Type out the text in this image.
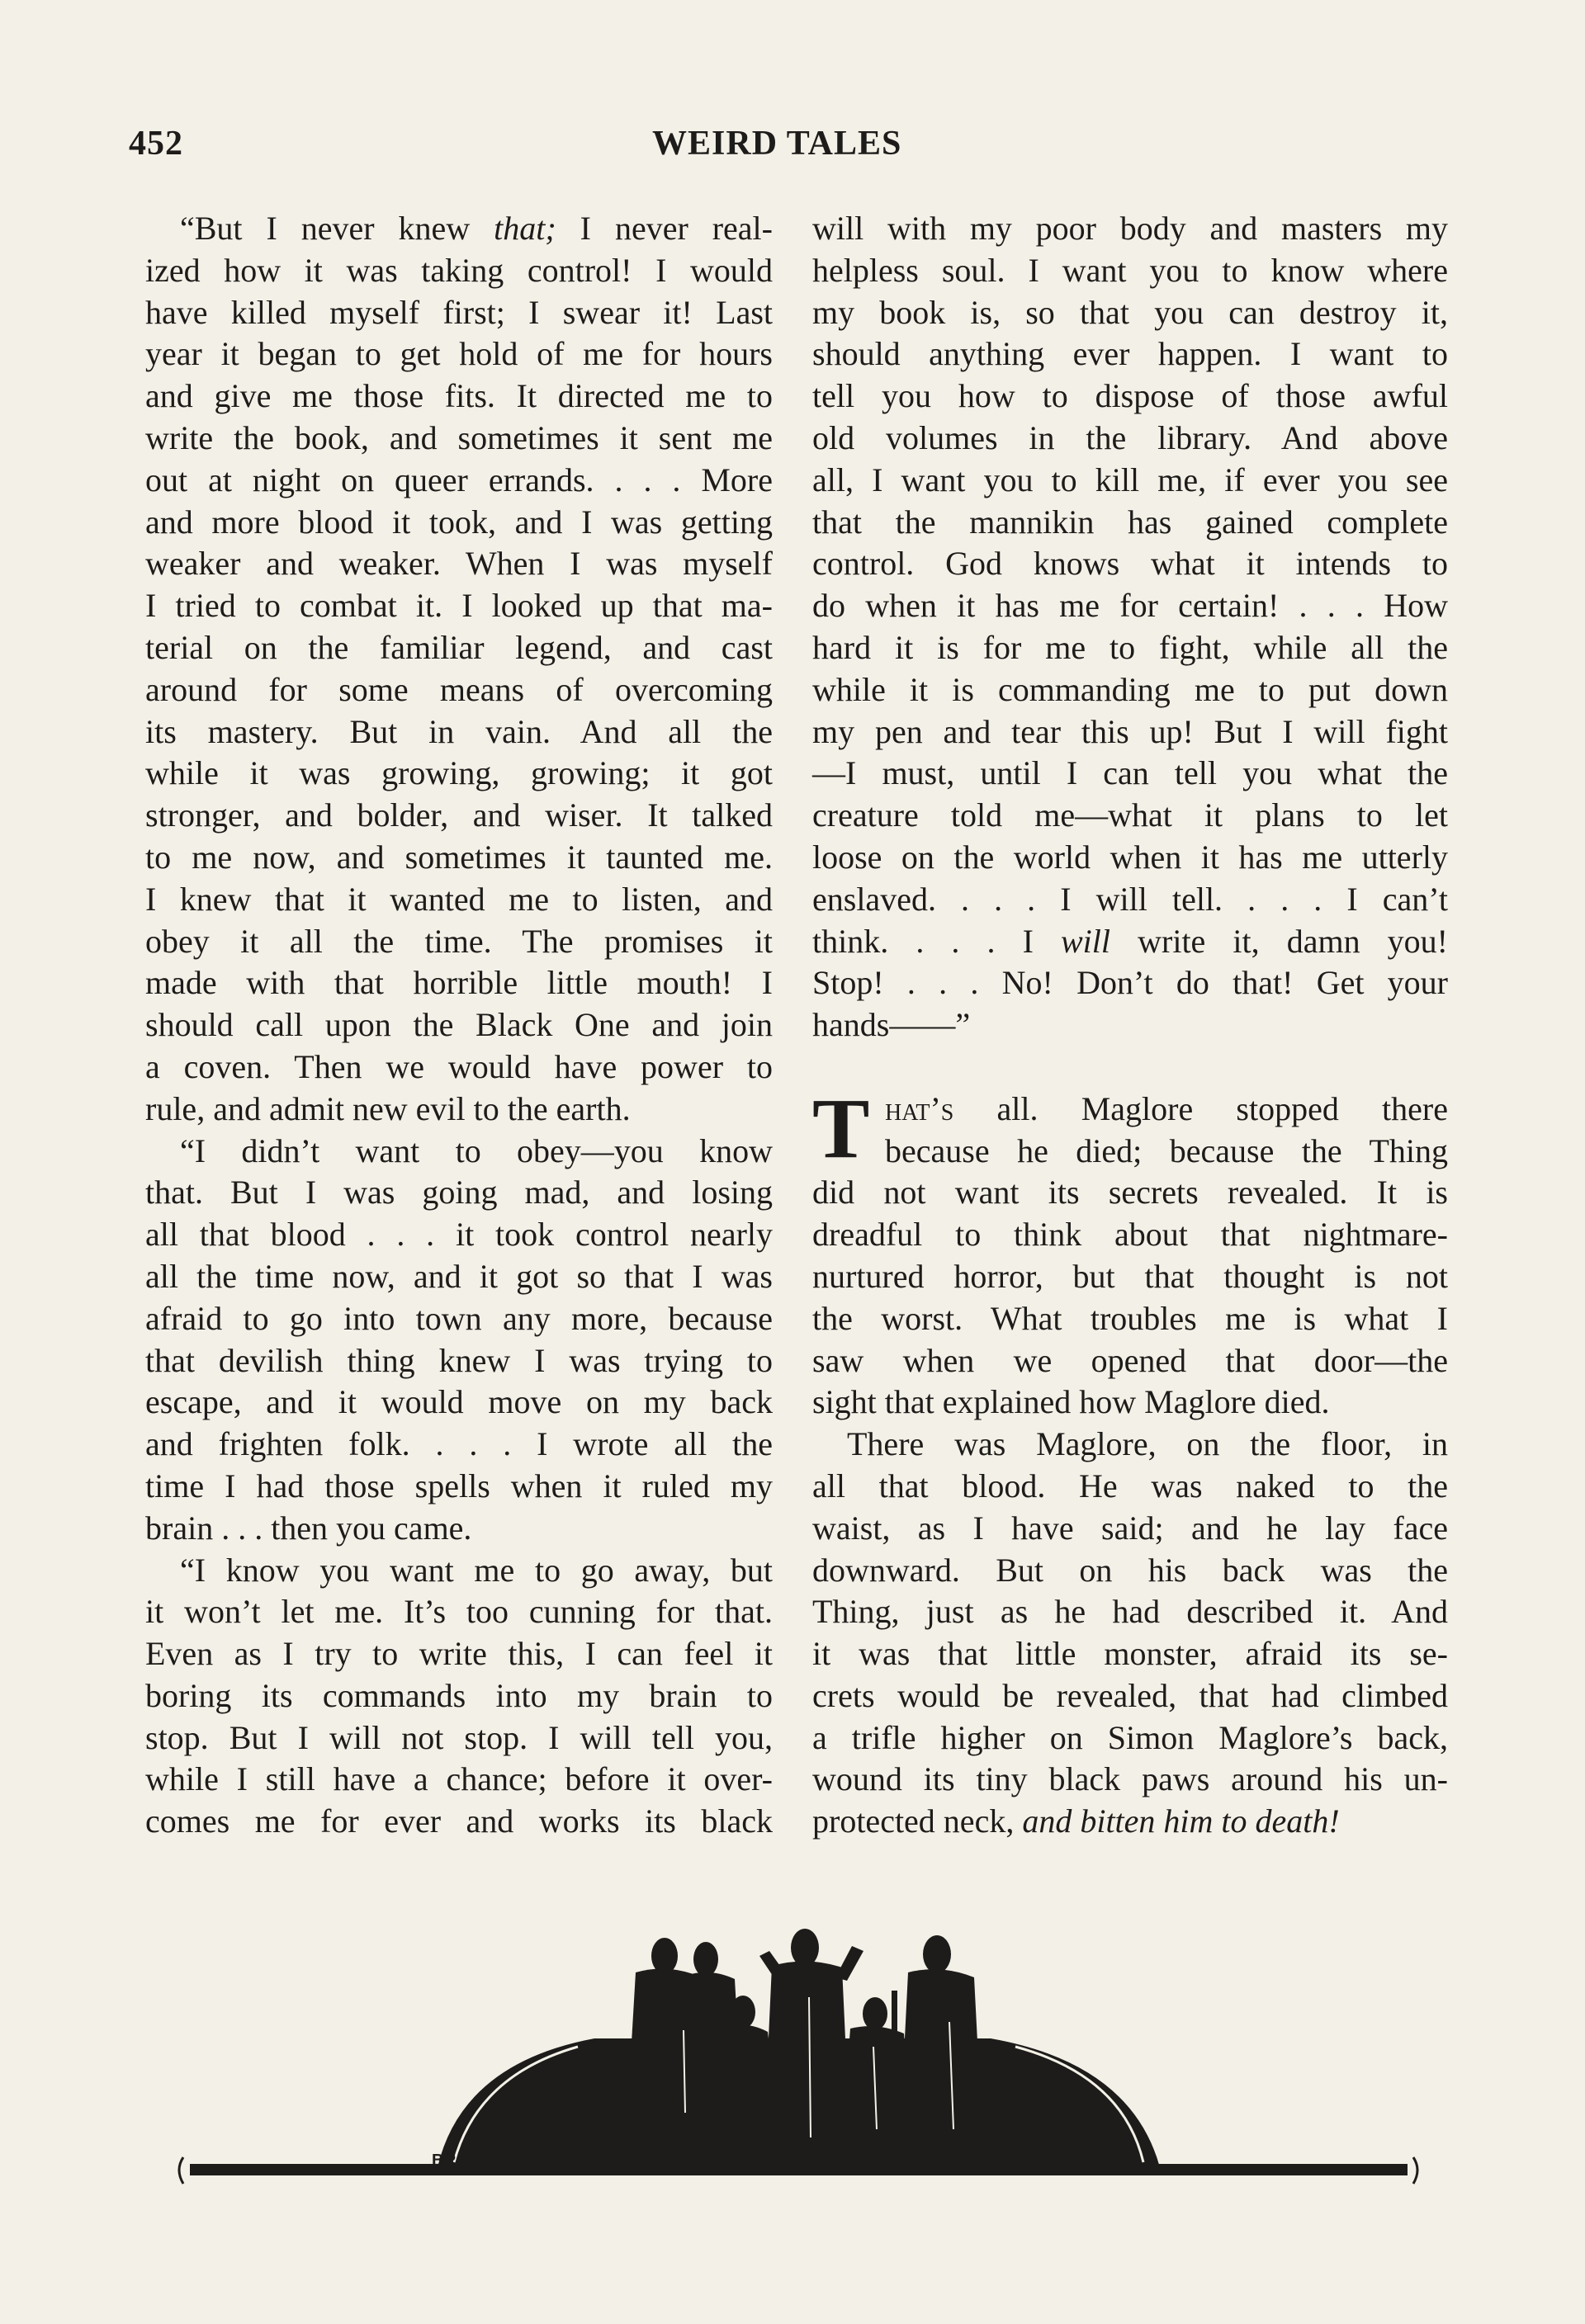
452	WEIRD TALES
“But I never knew that; I never real-
ized how it was taking control! I would
have killed myself first; I swear it! Last
year it began to get hold of me for hours
and give me those fits. It directed me to
write the book, and sometimes it sent me
out at night on queer errands. . . . More
and more blood it took, and I was getting
weaker and weaker. When I was myself
I tried to combat it. I looked up that ma-
terial on the familiar legend, and cast
around for some means of overcoming
its mastery. But in vain. And all the
while it was growing, growing; it got
stronger, and bolder, and wiser. It talked
to me now, and sometimes it taunted me.
I knew that it wanted me to listen, and
obey it all the time. The promises it
made with that horrible little mouth! I
should call upon the Black One and join
a coven. Then we would have power to
rule, and admit new evil to the earth.
“I didn’t want to obey—you know
that. But I was going mad, and losing
all that blood . . . it took control nearly
all the time now, and it got so that I was
afraid to go into town any more, because
that devilish thing knew I was trying to
escape, and it would move on my back
and frighten folk. . . . I wrote all the
time I had those spells when it ruled my
brain . . . then you came.
“I know you want me to go away, but
it won’t let me. It’s too cunning for that.
Even as I try to write this, I can feel it
boring its commands into my brain to
stop. But I will not stop. I will tell you,
while I still have a chance; before it over-
comes me for ever and works its black
will with my poor body and masters my
helpless soul. I want you to know where
my book is, so that you can destroy it,
should anything ever happen. I want to
tell you how to dispose of those awful
old volumes in the library. And above
all, I want you to kill me, if ever you see
that the mannikin has gained complete
control. God knows what it intends to
do when it has me for certain! . . . How
hard it is for me to fight, while all the
while it is commanding me to put down
my pen and tear this up! But I will fight
—I must, until I can tell you what the
creature told me—what it plans to let
loose on the world when it has me utterly
enslaved. . . . I will tell. . . . I can’t
think. . . . I will write it, damn you!
Stop! . . . No! Don’t do that! Get your
hands——”
T hat’s all. Maglore stopped there
because he died; because the Thing
did not want its secrets revealed. It is
dreadful to think about that nightmare-
nurtured horror, but that thought is not
the worst. What troubles me is what I
saw when we opened that door—the
sight that explained how Maglore died.
There was Maglore, on the floor, in
all that blood. He was naked to the
waist, as I have said; and he lay face
downward. But on his back was the
Thing, just as he had described it. And
it was that little monster, afraid its se-
crets would be revealed, that had climbed
a trifle higher on Simon Maglore’s back,
wound its tiny black paws around his un-
protected neck, and bitten him to death!
BROS
